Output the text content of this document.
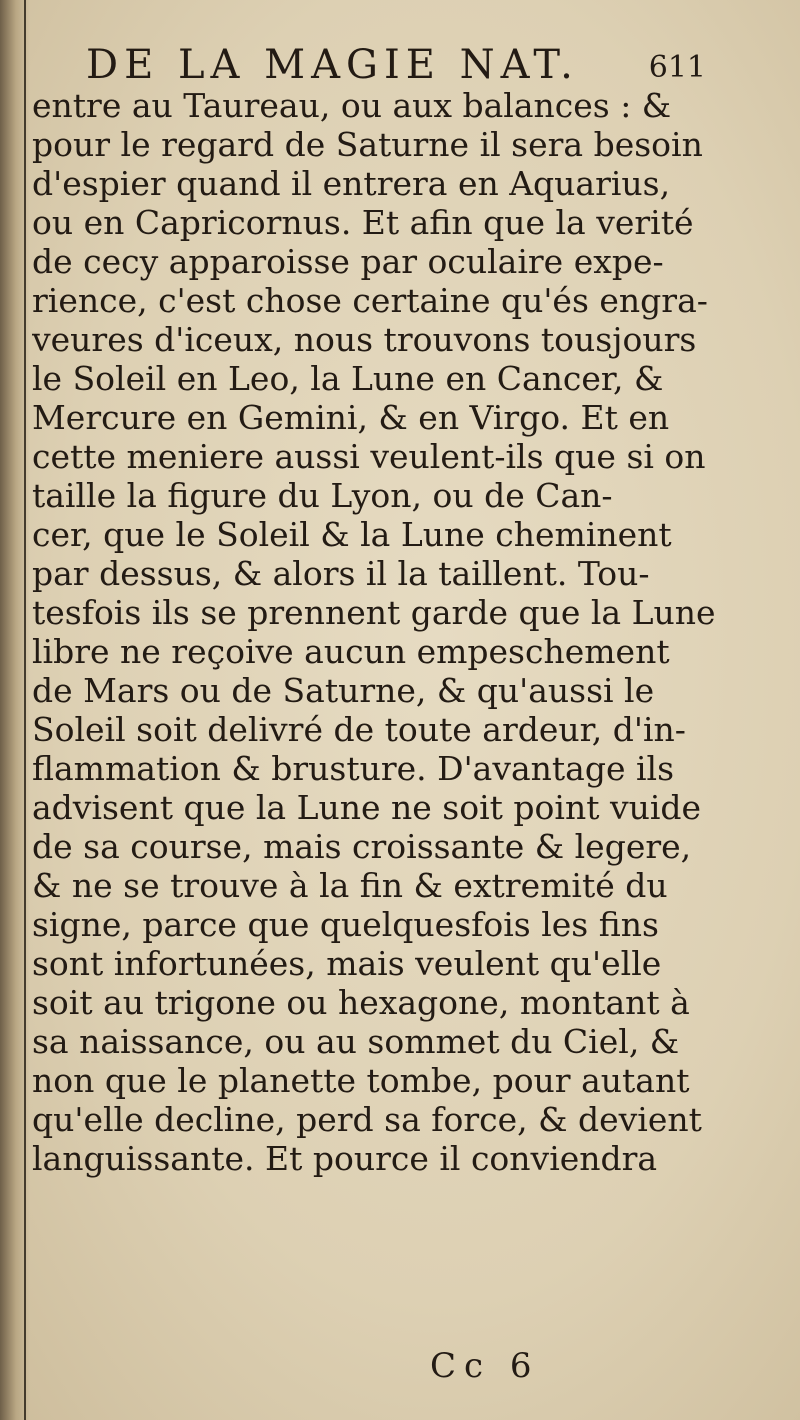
DE LA MAGIE NAT. 611
entre au Taureau, ou aux balances : &
pour le regard de Saturne il sera besoin
d'espier quand il entrera en Aquarius,
ou en Capricornus. Et afin que la verité
de cecy apparoisse par oculaire expe-
rience, c'est chose certaine qu'és engra-
veures d'iceux, nous trouvons tousjours
le Soleil en Leo, la Lune en Cancer, &
Mercure en Gemini, & en Virgo. Et en
cette meniere aussi veulent-ils que si on
taille la figure du Lyon, ou de Can-
cer, que le Soleil & la Lune cheminent
par dessus, & alors il la taillent. Tou-
tesfois ils se prennent garde que la Lune
libre ne reçoive aucun empeschement
de Mars ou de Saturne, & qu'aussi le
Soleil soit delivré de toute ardeur, d'in-
flammation & brusture. D'avantage ils
advisent que la Lune ne soit point vuide
de sa course, mais croissante & legere,
& ne se trouve à la fin & extremité du
signe, parce que quelquesfois les fins
sont infortunées, mais veulent qu'elle
soit au trigone ou hexagone, montant à
sa naissance, ou au sommet du Ciel, &
non que le planette tombe, pour autant
qu'elle decline, perd sa force, & devient
languissante. Et pource il conviendra
Cc 6
